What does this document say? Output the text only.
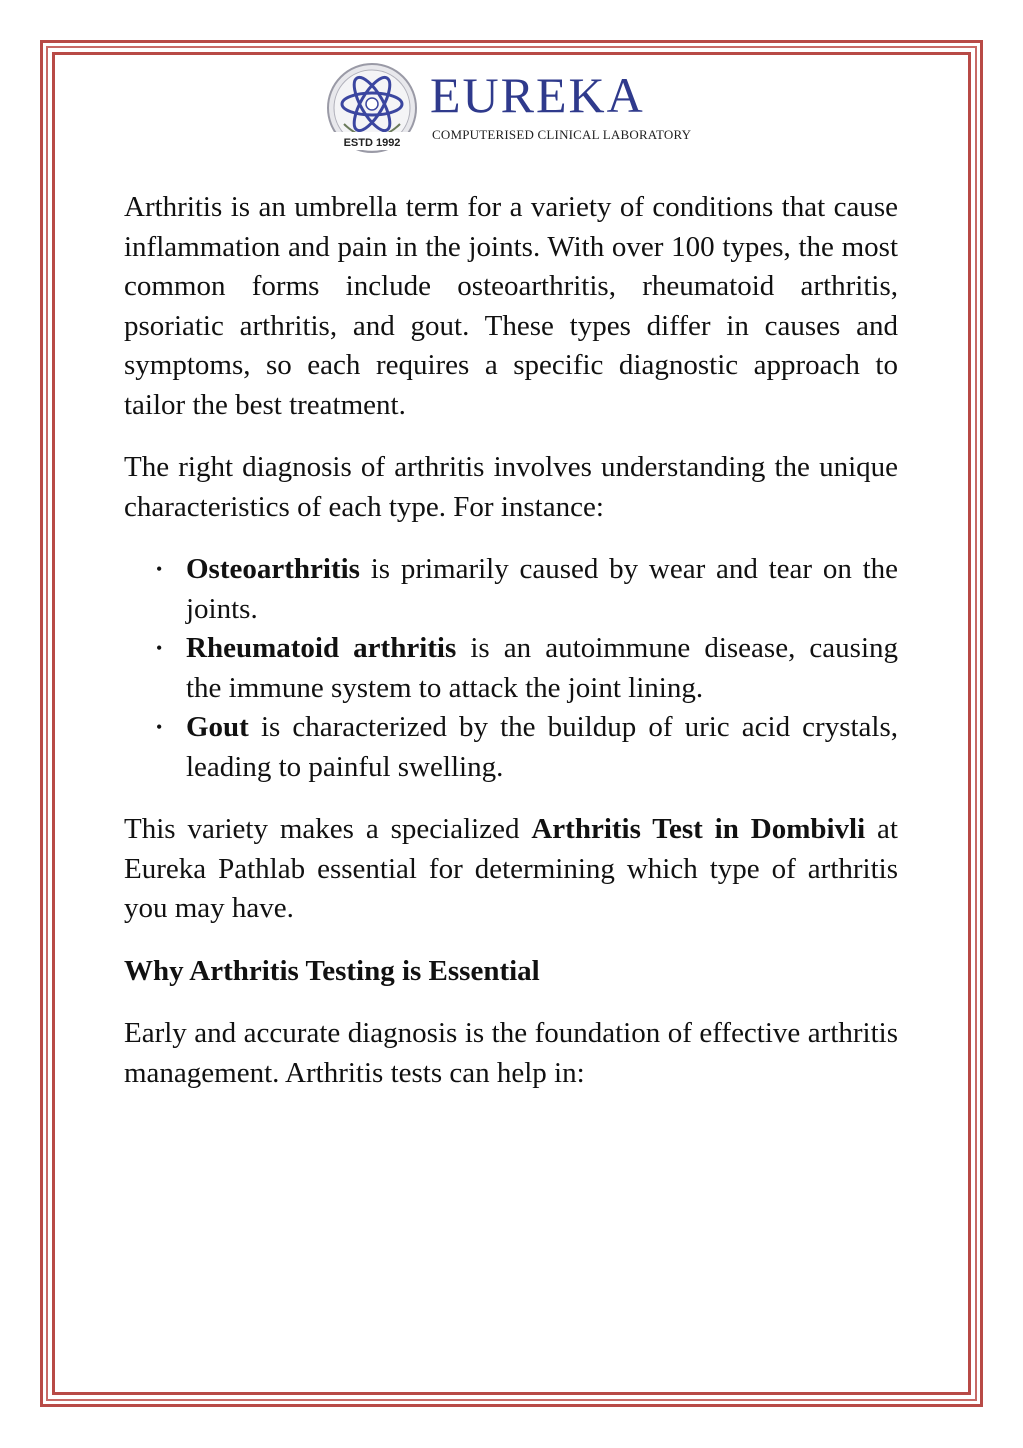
ESTD 1992
EUREKA
COMPUTERISED CLINICAL LABORATORY

Arthritis is an umbrella term for a variety of conditions that cause inflammation and pain in the joints. With over 100 types, the most common forms include osteoarthritis, rheumatoid arthritis, psoriatic arthritis, and gout. These types differ in causes and symptoms, so each requires a specific diagnostic approach to tailor the best treatment.

The right diagnosis of arthritis involves understanding the unique characteristics of each type. For instance:

• Osteoarthritis is primarily caused by wear and tear on the joints.
• Rheumatoid arthritis is an autoimmune disease, causing the immune system to attack the joint lining.
• Gout is characterized by the buildup of uric acid crystals, leading to painful swelling.

This variety makes a specialized Arthritis Test in Dombivli at Eureka Pathlab essential for determining which type of arthritis you may have.

Why Arthritis Testing is Essential

Early and accurate diagnosis is the foundation of effective arthritis management. Arthritis tests can help in:
